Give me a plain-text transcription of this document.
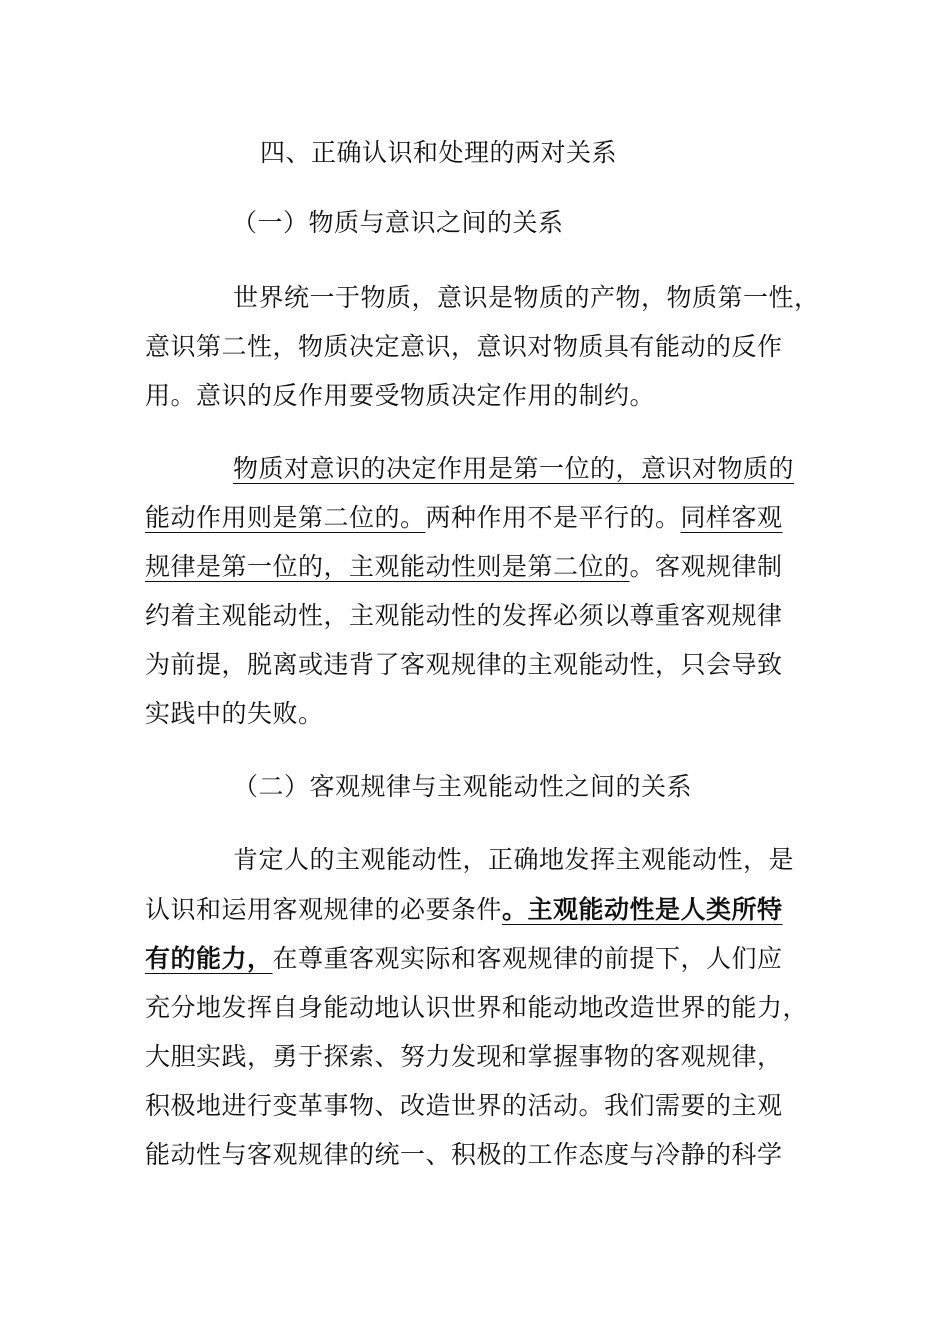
四、正确认识和处理的两对关系
（一）物质与意识之间的关系
世界统一于物质，意识是物质的产物，物质第一性，
意识第二性，物质决定意识，意识对物质具有能动的反作
用。意识的反作用要受物质决定作用的制约。
物质对意识的决定作用是第一位的，意识对物质的
能动作用则是第二位的。两种作用不是平行的。同样客观
规律是第一位的，主观能动性则是第二位的。客观规律制
约着主观能动性，主观能动性的发挥必须以尊重客观规律
为前提，脱离或违背了客观规律的主观能动性，只会导致
实践中的失败。
（二）客观规律与主观能动性之间的关系
肯定人的主观能动性，正确地发挥主观能动性，是
认识和运用客观规律的必要条件。主观能动性是人类所特
有的能力，在尊重客观实际和客观规律的前提下，人们应
充分地发挥自身能动地认识世界和能动地改造世界的能力，
大胆实践，勇于探索、努力发现和掌握事物的客观规律，
积极地进行变革事物、改造世界的活动。我们需要的主观
能动性与客观规律的统一、积极的工作态度与冷静的科学
